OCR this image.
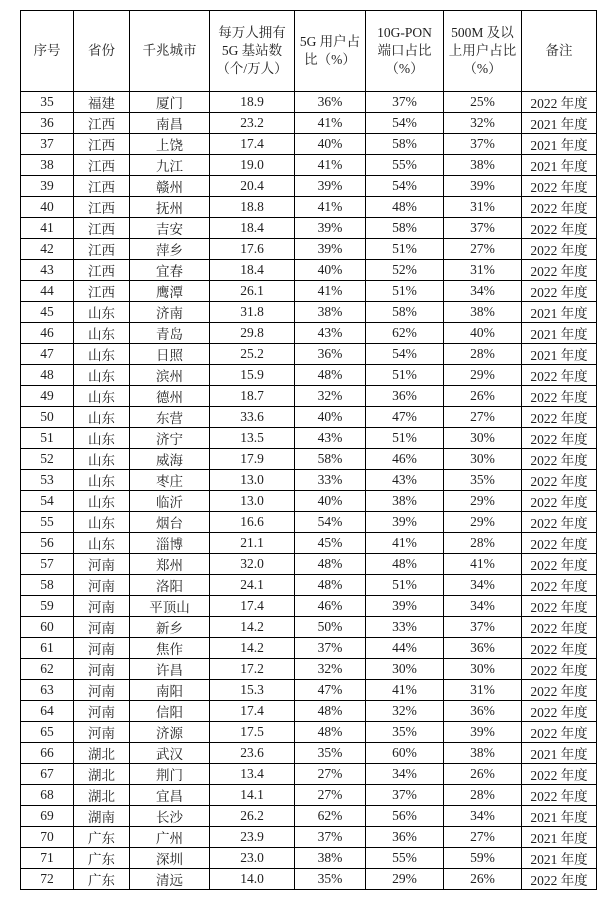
序号	省份	千兆城市	每万人拥有 5G 基站数（个/万人）	5G 用户占比（%）	10G-PON 端口占比（%）	500M 及以上用户占比（%）	备注
35	福建	厦门	18.9	36%	37%	25%	2022 年度
36	江西	南昌	23.2	41%	54%	32%	2021 年度
37	江西	上饶	17.4	40%	58%	37%	2021 年度
38	江西	九江	19.0	41%	55%	38%	2021 年度
39	江西	赣州	20.4	39%	54%	39%	2022 年度
40	江西	抚州	18.8	41%	48%	31%	2022 年度
41	江西	吉安	18.4	39%	58%	37%	2022 年度
42	江西	萍乡	17.6	39%	51%	27%	2022 年度
43	江西	宜春	18.4	40%	52%	31%	2022 年度
44	江西	鹰潭	26.1	41%	51%	34%	2022 年度
45	山东	济南	31.8	38%	58%	38%	2021 年度
46	山东	青岛	29.8	43%	62%	40%	2021 年度
47	山东	日照	25.2	36%	54%	28%	2021 年度
48	山东	滨州	15.9	48%	51%	29%	2022 年度
49	山东	德州	18.7	32%	36%	26%	2022 年度
50	山东	东营	33.6	40%	47%	27%	2022 年度
51	山东	济宁	13.5	43%	51%	30%	2022 年度
52	山东	威海	17.9	58%	46%	30%	2022 年度
53	山东	枣庄	13.0	33%	43%	35%	2022 年度
54	山东	临沂	13.0	40%	38%	29%	2022 年度
55	山东	烟台	16.6	54%	39%	29%	2022 年度
56	山东	淄博	21.1	45%	41%	28%	2022 年度
57	河南	郑州	32.0	48%	48%	41%	2022 年度
58	河南	洛阳	24.1	48%	51%	34%	2022 年度
59	河南	平顶山	17.4	46%	39%	34%	2022 年度
60	河南	新乡	14.2	50%	33%	37%	2022 年度
61	河南	焦作	14.2	37%	44%	36%	2022 年度
62	河南	许昌	17.2	32%	30%	30%	2022 年度
63	河南	南阳	15.3	47%	41%	31%	2022 年度
64	河南	信阳	17.4	48%	32%	36%	2022 年度
65	河南	济源	17.5	48%	35%	39%	2022 年度
66	湖北	武汉	23.6	35%	60%	38%	2021 年度
67	湖北	荆门	13.4	27%	34%	26%	2022 年度
68	湖北	宜昌	14.1	27%	37%	28%	2022 年度
69	湖南	长沙	26.2	62%	56%	34%	2021 年度
70	广东	广州	23.9	37%	36%	27%	2021 年度
71	广东	深圳	23.0	38%	55%	59%	2021 年度
72	广东	清远	14.0	35%	29%	26%	2022 年度
